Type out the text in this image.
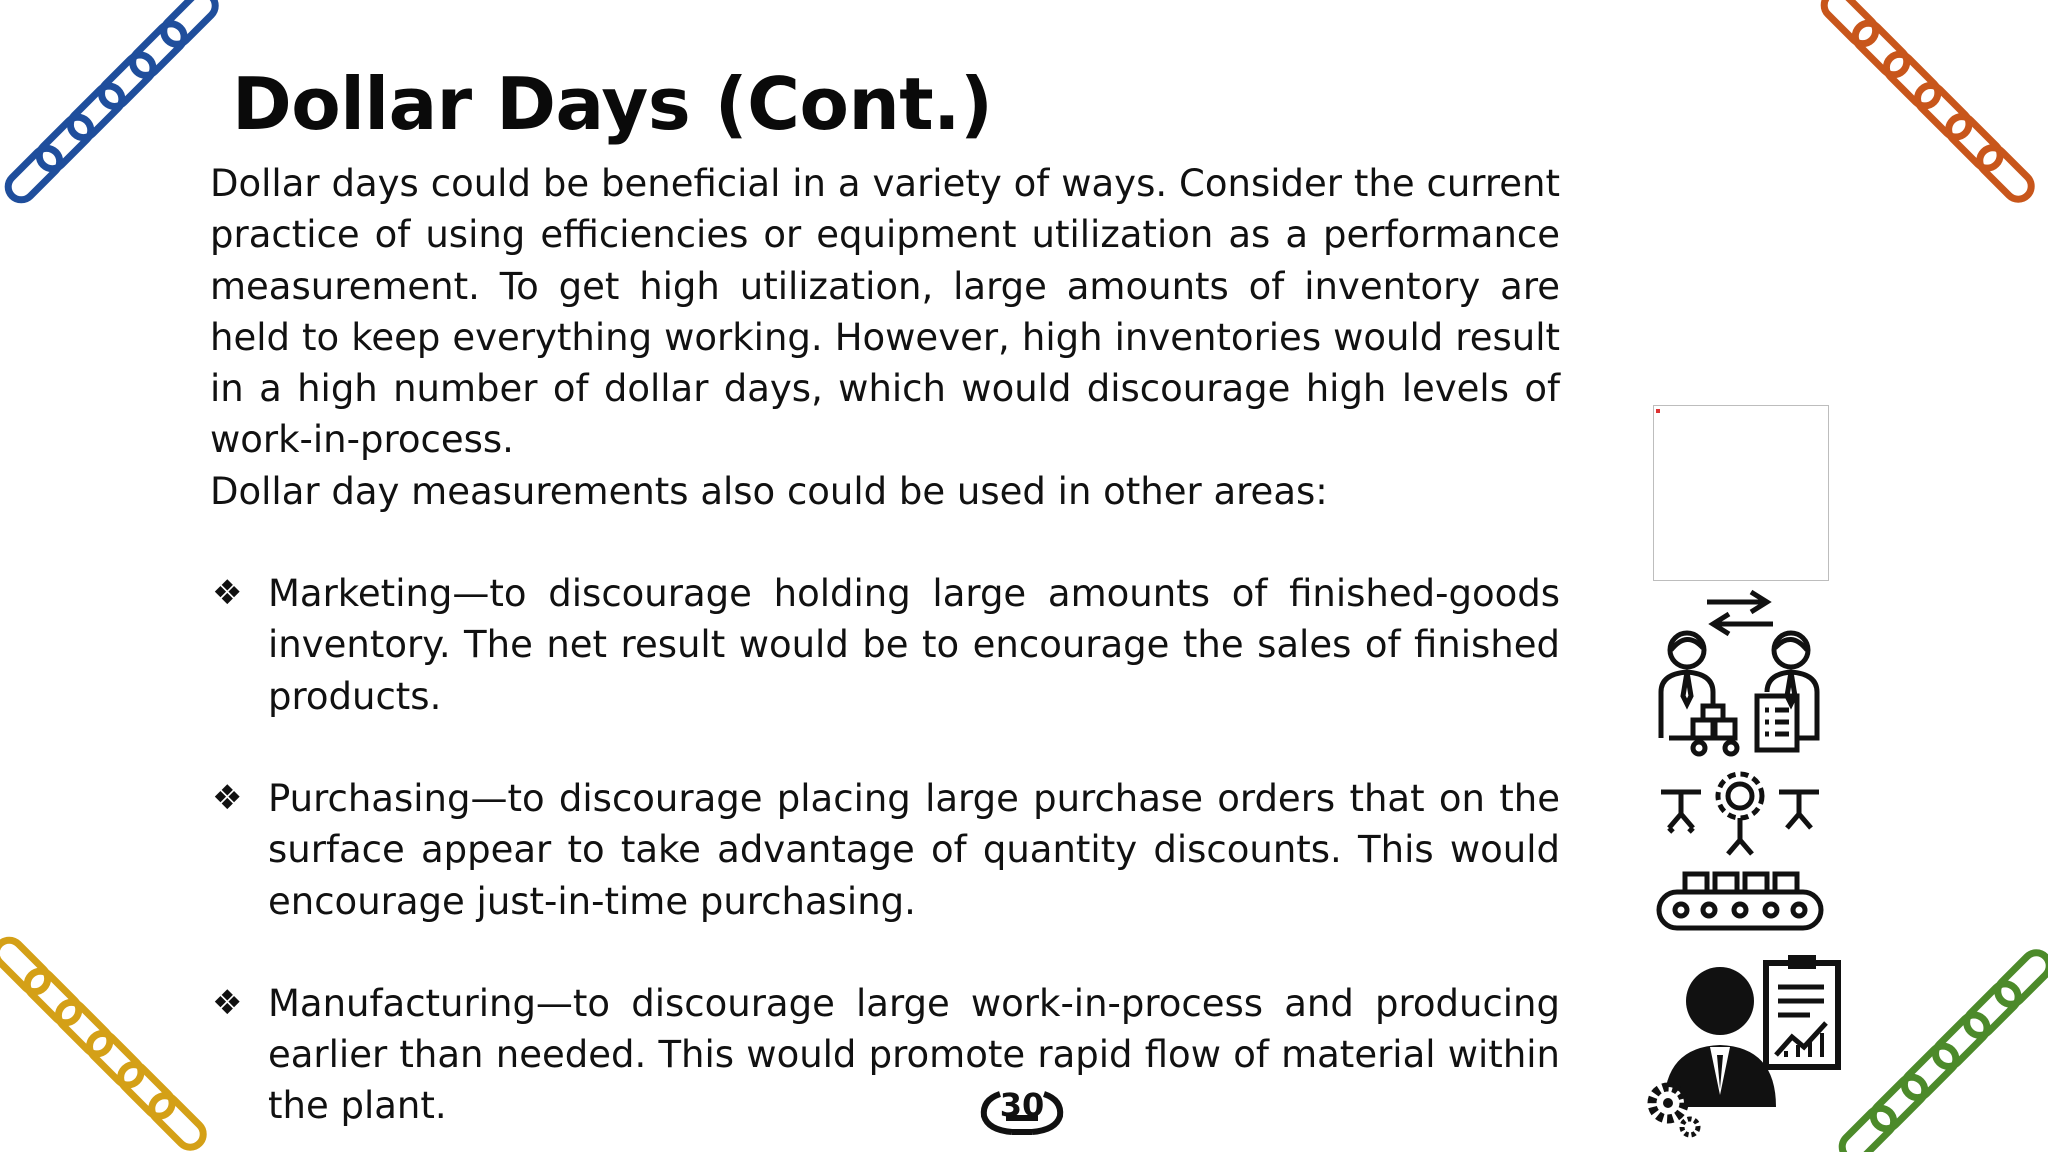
Dollar Days (Cont.)

Dollar days could be beneficial in a variety of ways. Consider the current practice of using efficiencies or equipment utilization as a performance measurement. To get high utilization, large amounts of inventory are held to keep everything working. However, high inventories would result in a high number of dollar days, which would discourage high levels of work-in-process.

Dollar day measurements also could be used in other areas:

❖ Marketing—to discourage holding large amounts of finished-goods inventory. The net result would be to encourage the sales of finished products.
❖ Purchasing—to discourage placing large purchase orders that on the surface appear to take advantage of quantity discounts. This would encourage just-in-time purchasing.
❖ Manufacturing—to discourage large work-in-process and producing earlier than needed. This would promote rapid flow of material within the plant.	30
